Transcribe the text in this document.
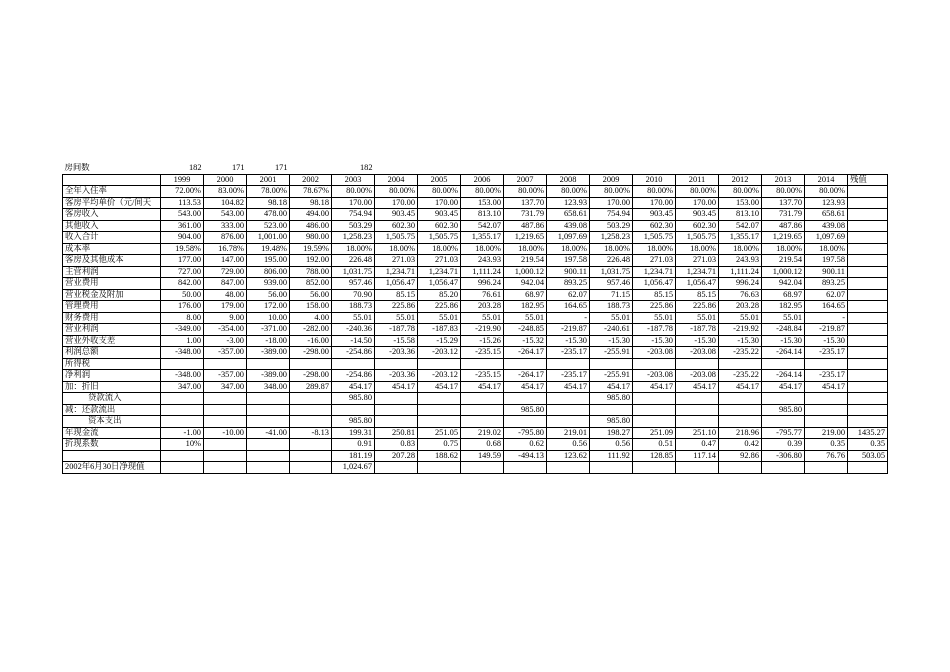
房间数	182	171	171		182												
	1999	2000	2001	2002	2003	2004	2005	2006	2007	2008	2009	2010	2011	2012	2013	2014	残值
全年入住率	72.00%	83.00%	78.00%	78.67%	80.00%	80.00%	80.00%	80.00%	80.00%	80.00%	80.00%	80.00%	80.00%	80.00%	80.00%	80.00%	
客房平均单价（元/间天	113.53	104.82	98.18	98.18	170.00	170.00	170.00	153.00	137.70	123.93	170.00	170.00	170.00	153.00	137.70	123.93	
客房收入	543.00	543.00	478.00	494.00	754.94	903.45	903.45	813.10	731.79	658.61	754.94	903.45	903.45	813.10	731.79	658.61	
其他收入	361.00	333.00	523.00	486.00	503.29	602.30	602.30	542.07	487.86	439.08	503.29	602.30	602.30	542.07	487.86	439.08	
收入合计	904.00	876.00	1,001.00	980.00	1,258.23	1,505.75	1,505.75	1,355.17	1,219.65	1,097.69	1,258.23	1,505.75	1,505.75	1,355.17	1,219.65	1,097.69	
成本率	19.58%	16.78%	19.48%	19.59%	18.00%	18.00%	18.00%	18.00%	18.00%	18.00%	18.00%	18.00%	18.00%	18.00%	18.00%	18.00%	
客房及其他成本	177.00	147.00	195.00	192.00	226.48	271.03	271.03	243.93	219.54	197.58	226.48	271.03	271.03	243.93	219.54	197.58	
主营利润	727.00	729.00	806.00	788.00	1,031.75	1,234.71	1,234.71	1,111.24	1,000.12	900.11	1,031.75	1,234.71	1,234.71	1,111.24	1,000.12	900.11	
营业费用	842.00	847.00	939.00	852.00	957.46	1,056.47	1,056.47	996.24	942.04	893.25	957.46	1,056.47	1,056.47	996.24	942.04	893.25	
营业税金及附加	50.00	48.00	56.00	56.00	70.90	85.15	85.20	76.61	68.97	62.07	71.15	85.15	85.15	76.63	68.97	62.07	
管理费用	176.00	179.00	172.00	158.00	188.73	225.86	225.86	203.28	182.95	164.65	188.73	225.86	225.86	203.28	182.95	164.65	
财务费用	8.00	9.00	10.00	4.00	55.01	55.01	55.01	55.01	55.01	-	55.01	55.01	55.01	55.01	55.01	-	
营业利润	-349.00	-354.00	-371.00	-282.00	-240.36	-187.78	-187.83	-219.90	-248.85	-219.87	-240.61	-187.78	-187.78	-219.92	-248.84	-219.87	
营业外收支差	1.00	-3.00	-18.00	-16.00	-14.50	-15.58	-15.29	-15.26	-15.32	-15.30	-15.30	-15.30	-15.30	-15.30	-15.30	-15.30	
利润总额	-348.00	-357.00	-389.00	-298.00	-254.86	-203.36	-203.12	-235.15	-264.17	-235.17	-255.91	-203.08	-203.08	-235.22	-264.14	-235.17	
所得税																	
净利润	-348.00	-357.00	-389.00	-298.00	-254.86	-203.36	-203.12	-235.15	-264.17	-235.17	-255.91	-203.08	-203.08	-235.22	-264.14	-235.17	
加：折旧	347.00	347.00	348.00	289.87	454.17	454.17	454.17	454.17	454.17	454.17	454.17	454.17	454.17	454.17	454.17	454.17	
贷款流入					985.80						985.80						
减：还款流出									985.80						985.80		
资本支出					985.80						985.80						
年现金流	-1.00	-10.00	-41.00	-8.13	199.31	250.81	251.05	219.02	-795.80	219.01	198.27	251.09	251.10	218.96	-795.77	219.00	1435.27
折现系数	10%				0.91	0.83	0.75	0.68	0.62	0.56	0.56	0.51	0.47	0.42	0.39	0.35	0.35
					181.19	207.28	188.62	149.59	-494.13	123.62	111.92	128.85	117.14	92.86	-306.80	76.76	503.05
2002年6月30日净现值					1,024.67												
